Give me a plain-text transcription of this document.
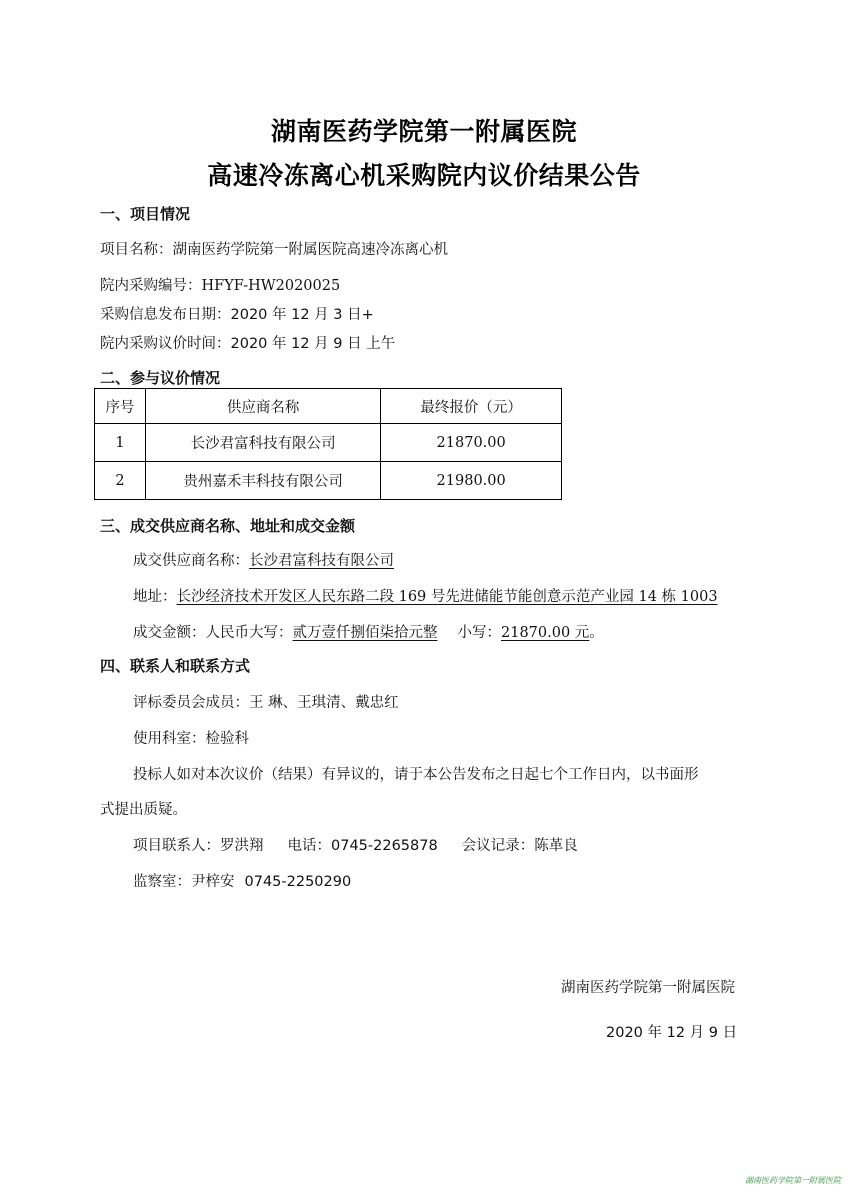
湖南医药学院第一附属医院
高速冷冻离心机采购院内议价结果公告
一、项目情况
项目名称：湖南医药学院第一附属医院高速冷冻离心机
院内采购编号：HFYF-HW2020025
采购信息发布日期：2020 年 12 月 3 日+
院内采购议价时间：2020 年 12 月 9 日 上午
二、参与议价情况
序号	供应商名称	最终报价（元）
1	长沙君富科技有限公司	21870.00
2	贵州嘉禾丰科技有限公司	21980.00
三、成交供应商名称、地址和成交金额
成交供应商名称：长沙君富科技有限公司
地址：长沙经济技术开发区人民东路二段 169 号先进储能节能创意示范产业园 14 栋 1003
成交金额：人民币大写：贰万壹仟捌佰柒拾元整 小写：21870.00 元。
四、联系人和联系方式
评标委员会成员：王 琳、王琪清、戴忠红
使用科室：检验科
投标人如对本次议价（结果）有异议的，请于本公告发布之日起七个工作日内，以书面形
式提出质疑。
项目联系人：罗洪翔 电话：0745-2265878 会议记录：陈革良
监察室：尹梓安 0745-2250290
湖南医药学院第一附属医院
2020 年 12 月 9 日
湖南医药学院第一附属医院
